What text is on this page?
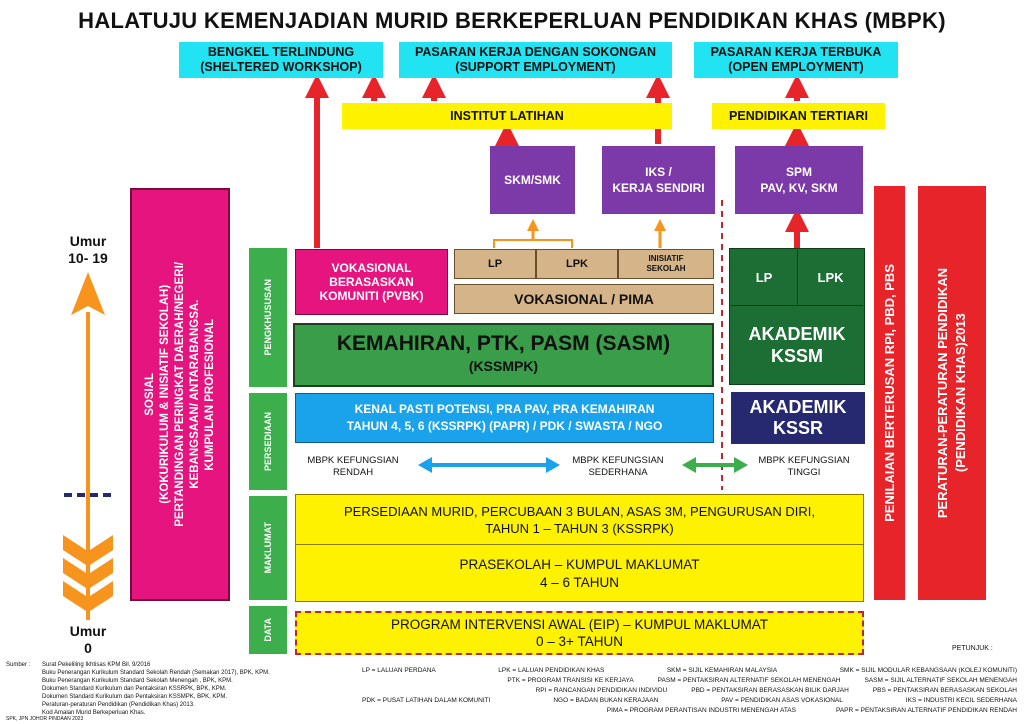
HALATUJU KEMENJADIAN MURID BERKEPERLUAN PENDIDIKAN KHAS (MBPK)
BENGKEL TERLINDUNG
(SHELTERED WORKSHOP)
PASARAN KERJA DENGAN SOKONGAN
(SUPPORT EMPLOYMENT)
PASARAN KERJA TERBUKA
(OPEN EMPLOYMENT)
INSTITUT LATIHAN	PENDIDIKAN TERTIARI
SKM/SMK
IKS /
KERJA SENDIRI
SPM
PAV, KV, SKM
PENGKHUSUSAN
PERSEDIAAN
MAKLUMAT
DATA
VOKASIONAL
BERASASKAN
KOMUNITI (PVBK)
LP	LPK	INISIATIF
SEKOLAH
VOKASIONAL / PIMA
LP	LPK
AKADEMIK
KSSM
KEMAHIRAN, PTK, PASM (SASM)
(KSSMPK)
KENAL PASTI POTENSI, PRA PAV, PRA KEMAHIRAN
TAHUN 4, 5, 6 (KSSRPK) (PAPR) / PDK / SWASTA / NGO
AKADEMIK
KSSR
MBPK KEFUNGSIAN
RENDAH
MBPK KEFUNGSIAN
SEDERHANA
MBPK KEFUNGSIAN
TINGGI
PERSEDIAAN MURID, PERCUBAAN 3 BULAN, ASAS 3M, PENGURUSAN DIRI,
TAHUN 1 – TAHUN 3 (KSSRPK)
PRASEKOLAH – KUMPUL MAKLUMAT
4 – 6 TAHUN
PROGRAM INTERVENSI AWAL (EIP) – KUMPUL MAKLUMAT
0 – 3+ TAHUN
SOSIAL (KOKURIKULUM & INISIATIF SEKOLAH) PERTANDINGAN PERINGKAT DAERAH/NEGERI/ KEBANGSAAN/ ANTARABANGSA. KUMPULAN PROFESIONAL	PENILAIAN BERTERUSAN RPI, PBD, PBS	PERATURAN-PERATURAN PENDIDIKAN (PENDIDIKAN KHAS)2013
Umur
10- 19
Umur
0
Sumber :	Surat Pekeliling Ikhtisas KPM Bil. 9/2016
Buku Penerangan Kurikulum Standard Sekolah Rendah (Semakan 2017), BPK, KPM.
Buku Penerangan Kurikulum Standard Sekolah Menengah , BPK, KPM.
Dokumen Standard Kurikulum dan Pentaksiran KSSRPK, BPK, KPM.
Dokumen Standard Kurikulum dan Pentaksiran KSSMPK, BPK, KPM.
Peraturan-peraturan Pendidikan (Pendidikan Khas) 2013.
Kod Amalan Murid Berkeperluan Khas.
SPK, JPN JOHOR PINDAAN 2023
PETUNJUK :
LP = LALUAN PERDANA	LPK = LALUAN PENDIDIKAN KHAS	SKM = SIJIL KEMAHIRAN MALAYSIA	SMK = SIJIL MODULAR KEBANGSAAN (KOLEJ KOMUNITI)
PTK = PROGRAM TRANSISI KE KERJAYA	PASM = PENTAKSIRAN ALTERNATIF SEKOLAH MENENGAH	SASM = SIJIL ALTERNATIF SEKOLAH MENENGAH
RPI = RANCANGAN PENDIDIKAN INDIVIDU	PBD = PENTAKSIRAN BERASASKAN BILIK DARJAH	PBS = PENTAKSIRAN BERASASKAN SEKOLAH
PDK = PUSAT LATIHAN DALAM KOMUNITI	NGO = BADAN BUKAN KERAJAAN	PAV = PENDIDIKAN ASAS VOKASIONAL	IKS = INDUSTRI KECIL SEDERHANA
PIMA = PROGRAM PERANTISAN INDUSTRI MENENGAH ATAS	PAPR = PENTAKSIRAN ALTERNATIF PENDIDIKAN RENDAH
